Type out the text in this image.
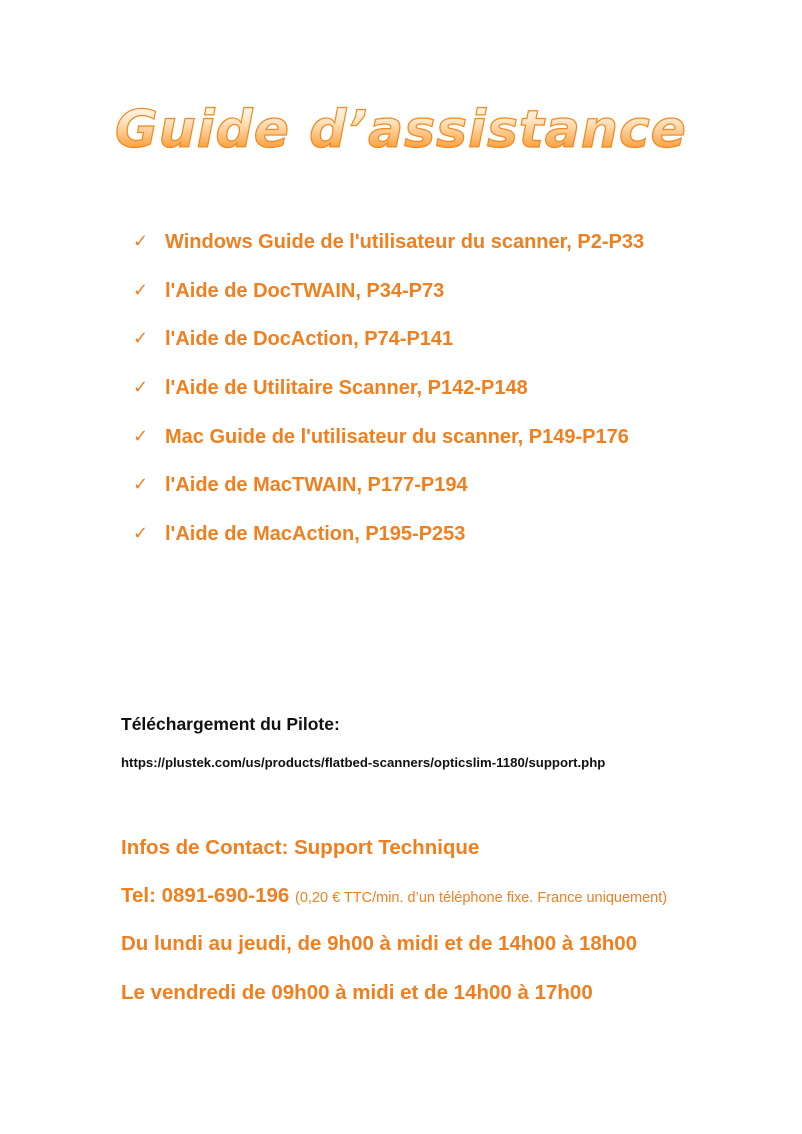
Guide d’assistance
✓ Windows Guide de l'utilisateur du scanner, P2-P33
✓ l'Aide de DocTWAIN, P34-P73
✓ l'Aide de DocAction, P74-P141
✓ l'Aide de Utilitaire Scanner, P142-P148
✓ Mac Guide de l'utilisateur du scanner, P149-P176
✓ l'Aide de MacTWAIN, P177-P194
✓ l'Aide de MacAction, P195-P253
Téléchargement du Pilote:
https://plustek.com/us/products/flatbed-scanners/opticslim-1180/support.php
Infos de Contact: Support Technique
Tel: 0891-690-196 (0,20 € TTC/min. d’un téléphone fixe. France uniquement)
Du lundi au jeudi, de 9h00 à midi et de 14h00 à 18h00
Le vendredi de 09h00 à midi et de 14h00 à 17h00
